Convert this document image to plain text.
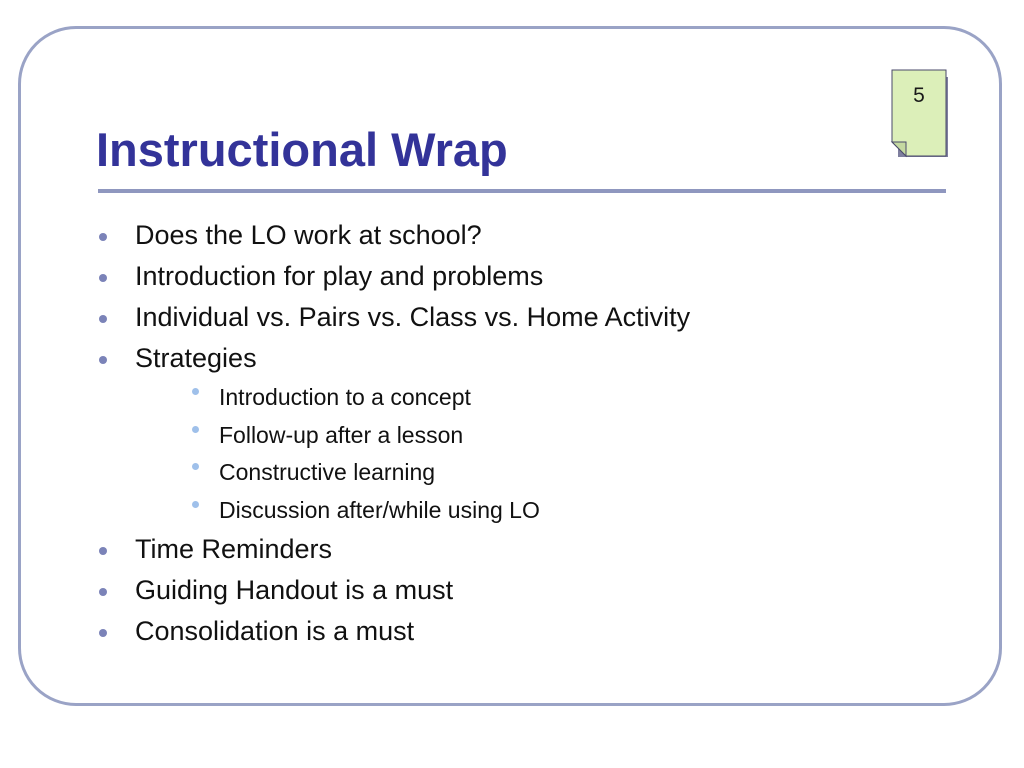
5
Instructional Wrap
Does the LO work at school?
Introduction for play and problems
Individual vs. Pairs vs. Class vs. Home Activity
Strategies
Introduction to a concept
Follow-up after a lesson
Constructive learning
Discussion after/while using LO
Time Reminders
Guiding Handout is a must
Consolidation is a must
